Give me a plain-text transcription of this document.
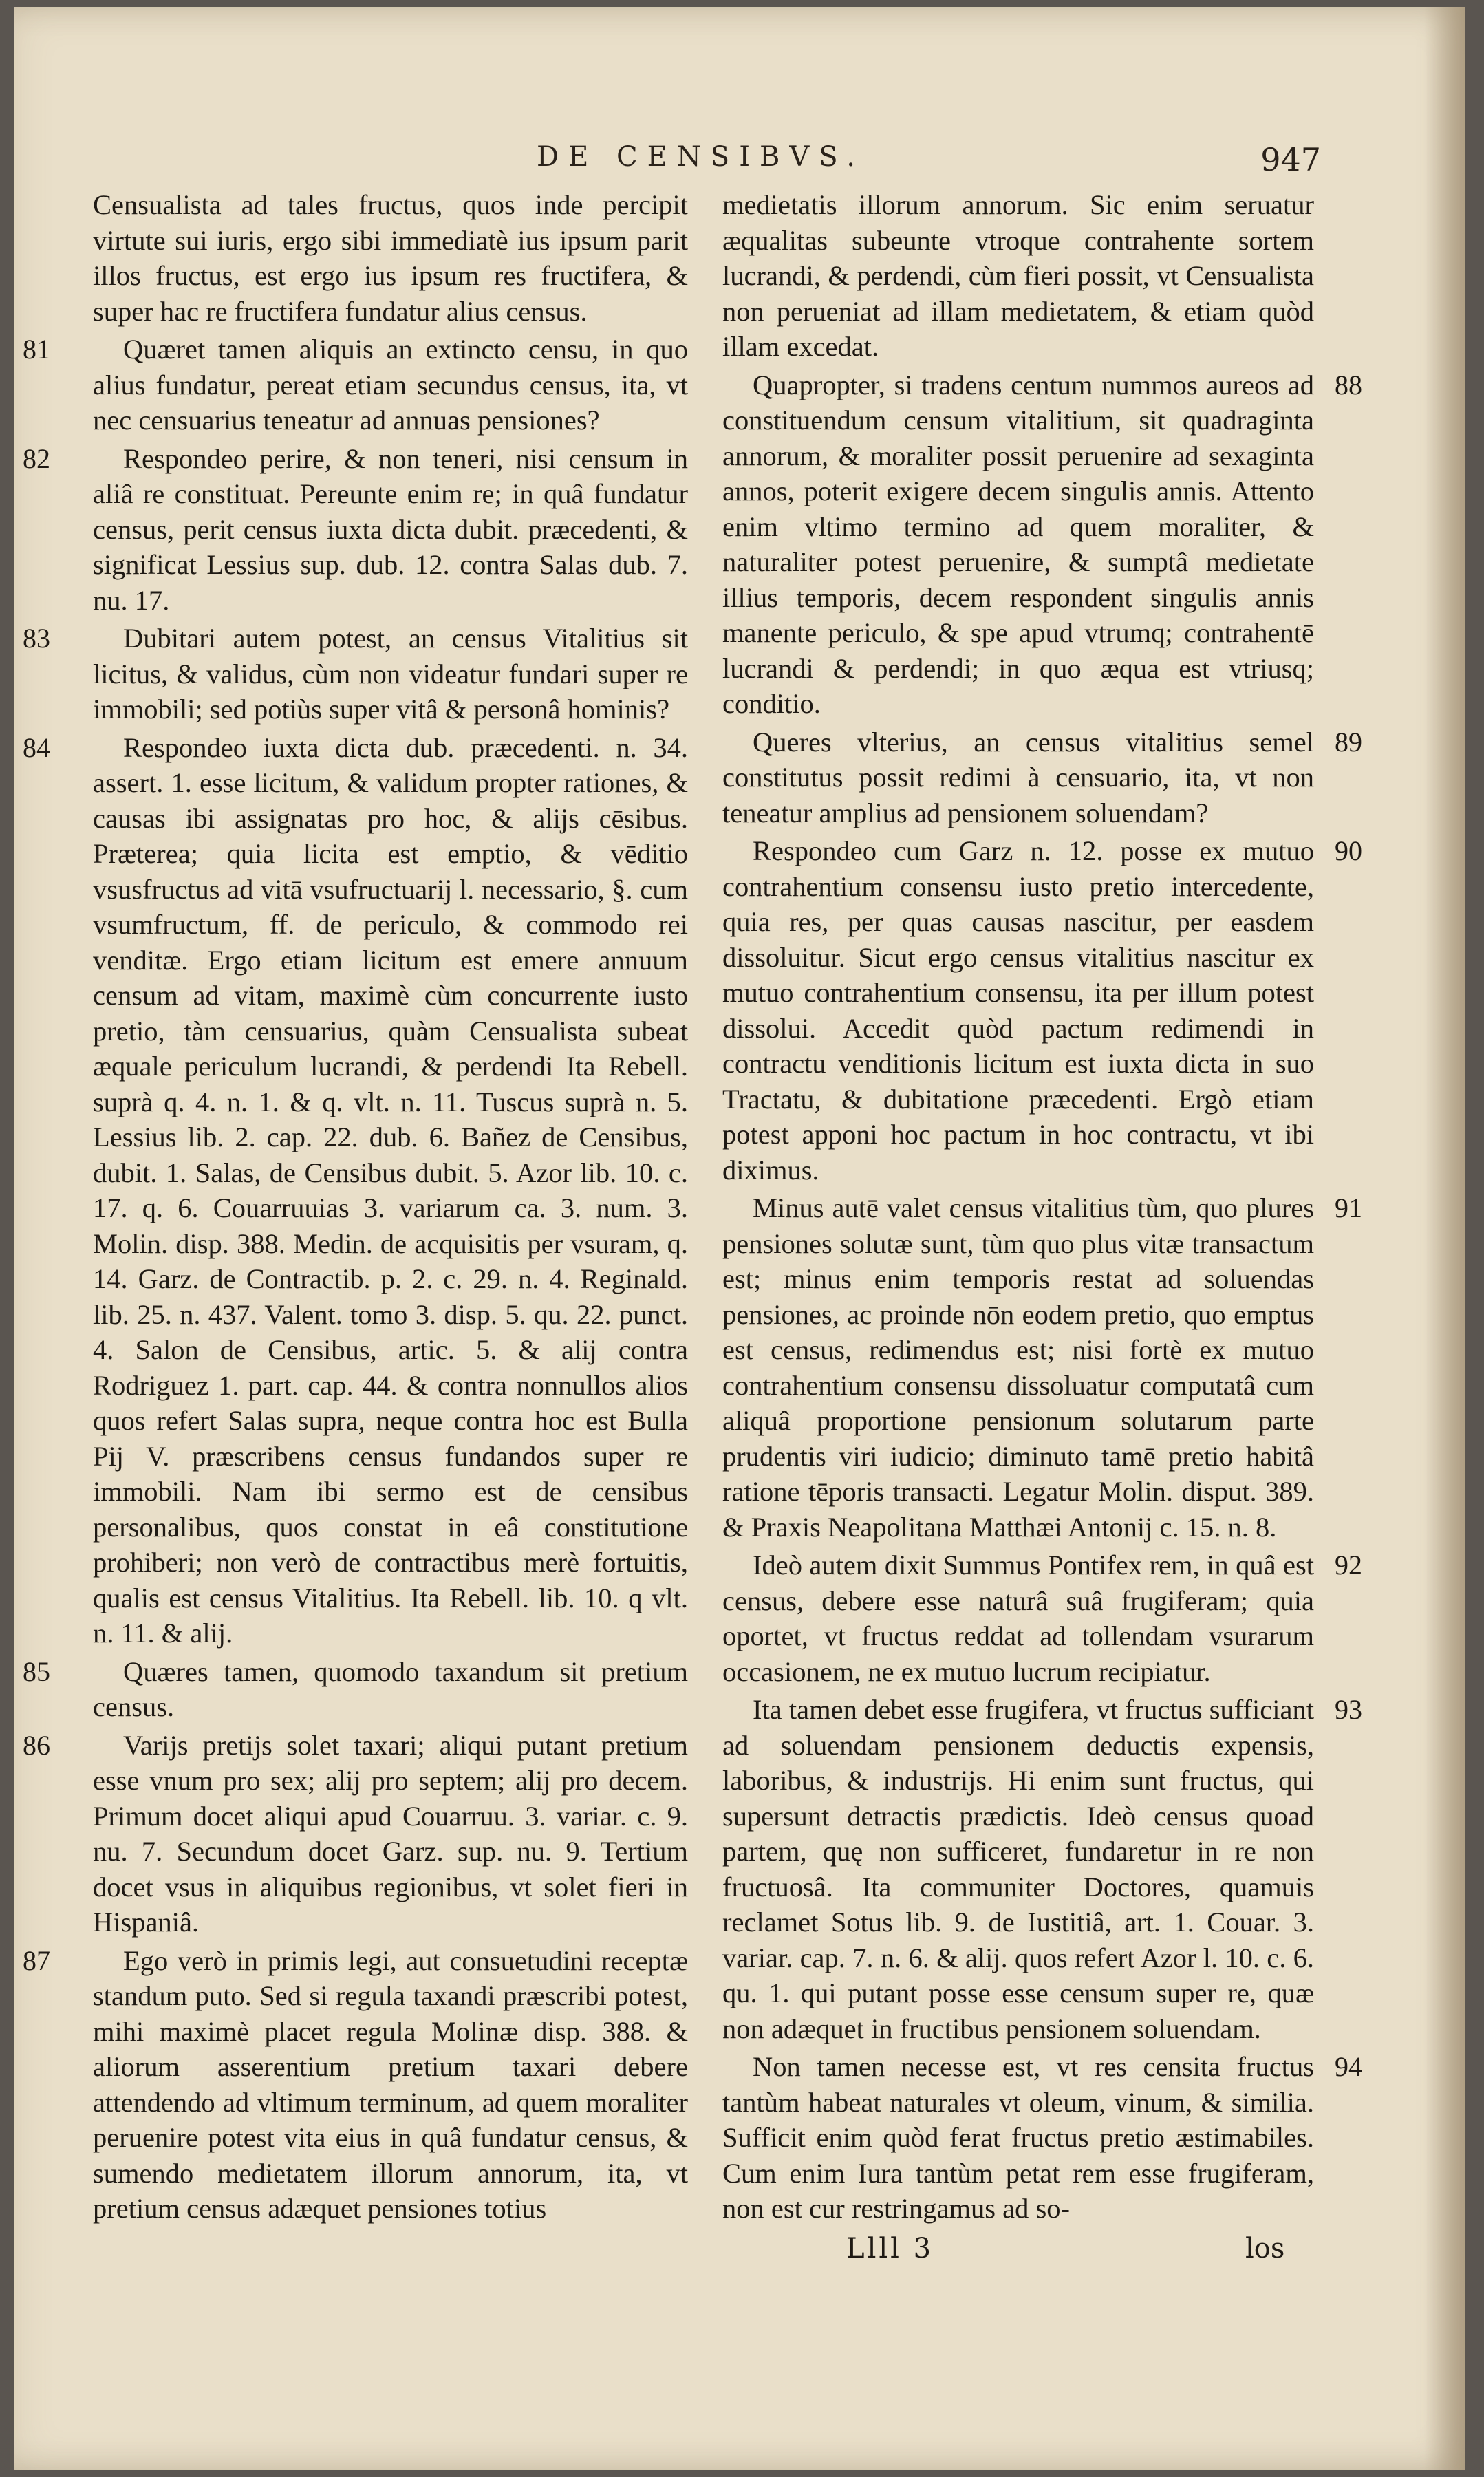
DE CENSIBVS.	947
Censualista ad tales fructus, quos inde percipit virtute sui iuris, ergo sibi immediatè ius ipsum parit illos fructus, est ergo ius ipsum res fructifera, & super hac re fructifera fundatur alius census.
81	Quæret tamen aliquis an extincto censu, in quo alius fundatur, pereat etiam secundus census, ita, vt nec censuarius teneatur ad annuas pensiones?
82	Respondeo perire, & non teneri, nisi censum in aliâ re constituat. Pereunte enim re; in quâ fundatur census, perit census iuxta dicta dubit. præcedenti, & significat Lessius sup. dub. 12. contra Salas dub. 7. nu. 17.
83	Dubitari autem potest, an census Vitalitius sit licitus, & validus, cùm non videatur fundari super re immobili; sed potiùs super vitâ & personâ hominis?
84	Respondeo iuxta dicta dub. præcedenti. n. 34. assert. 1. esse licitum, & validum propter rationes, & causas ibi assignatas pro hoc, & alijs cēsibus. Præterea; quia licita est emptio, & vēditio vsusfructus ad vitā vsufructuarij l. necessario, §. cum vsumfructum, ff. de periculo, & commodo rei venditæ. Ergo etiam licitum est emere annuum censum ad vitam, maximè cùm concurrente iusto pretio, tàm censuarius, quàm Censualista subeat æquale periculum lucrandi, & perdendi Ita Rebell. suprà q. 4. n. 1. & q. vlt. n. 11. Tuscus suprà n. 5. Lessius lib. 2. cap. 22. dub. 6. Bañez de Censibus, dubit. 1. Salas, de Censibus dubit. 5. Azor lib. 10. c. 17. q. 6. Couarruuias 3. variarum ca. 3. num. 3. Molin. disp. 388. Medin. de acquisitis per vsuram, q. 14. Garz. de Contractib. p. 2. c. 29. n. 4. Reginald. lib. 25. n. 437. Valent. tomo 3. disp. 5. qu. 22. punct. 4. Salon de Censibus, artic. 5. & alij contra Rodriguez 1. part. cap. 44. & contra nonnullos alios quos refert Salas supra, neque contra hoc est Bulla Pij V. præscribens census fundandos super re immobili. Nam ibi sermo est de censibus personalibus, quos constat in eâ constitutione prohiberi; non verò de contractibus merè fortuitis, qualis est census Vitalitius. Ita Rebell. lib. 10. q vlt. n. 11. & alij.
85	Quæres tamen, quomodo taxandum sit pretium census.
86	Varijs pretijs solet taxari; aliqui putant pretium esse vnum pro sex; alij pro septem; alij pro decem. Primum docet aliqui apud Couarruu. 3. variar. c. 9. nu. 7. Secundum docet Garz. sup. nu. 9. Tertium docet vsus in aliquibus regionibus, vt solet fieri in Hispaniâ.
87	Ego verò in primis legi, aut consuetudini receptæ standum puto. Sed si regula taxandi præscribi potest, mihi maximè placet regula Molinæ disp. 388. & aliorum asserentium pretium taxari debere attendendo ad vltimum terminum, ad quem moraliter peruenire potest vita eius in quâ fundatur census, & sumendo medietatem illorum annorum, ita, vt pretium census adæquet pensiones totius
medietatis illorum annorum. Sic enim seruatur æqualitas subeunte vtroque contrahente sortem lucrandi, & perdendi, cùm fieri possit, vt Censualista non perueniat ad illam medietatem, & etiam quòd illam excedat.
88
Quapropter, si tradens centum nummos aureos ad constituendum censum vitalitium, sit quadraginta annorum, & moraliter possit peruenire ad sexaginta annos, poterit exigere decem singulis annis. Attento enim vltimo termino ad quem moraliter, & naturaliter potest peruenire, & sumptâ medietate illius temporis, decem respondent singulis annis manente periculo, & spe apud vtrumq; contrahentē lucrandi & perdendi; in quo æqua est vtriusq; conditio.
89
Queres vlterius, an census vitalitius semel constitutus possit redimi à censuario, ita, vt non teneatur amplius ad pensionem soluendam?
90
Respondeo cum Garz n. 12. posse ex mutuo contrahentium consensu iusto pretio intercedente, quia res, per quas causas nascitur, per easdem dissoluitur. Sicut ergo census vitalitius nascitur ex mutuo contrahentium consensu, ita per illum potest dissolui. Accedit quòd pactum redimendi in contractu venditionis licitum est iuxta dicta in suo Tractatu, & dubitatione præcedenti. Ergò etiam potest apponi hoc pactum in hoc contractu, vt ibi diximus.
91
Minus autē valet census vitalitius tùm, quo plures pensiones solutæ sunt, tùm quo plus vitæ transactum est; minus enim temporis restat ad soluendas pensiones, ac proinde nōn eodem pretio, quo emptus est census, redimendus est; nisi fortè ex mutuo contrahentium consensu dissoluatur computatâ cum aliquâ proportione pensionum solutarum parte prudentis viri iudicio; diminuto tamē pretio habitâ ratione tēporis transacti. Legatur Molin. disput. 389. & Praxis Neapolitana Matthæi Antonij c. 15. n. 8.
92
Ideò autem dixit Summus Pontifex rem, in quâ est census, debere esse naturâ suâ frugiferam; quia oportet, vt fructus reddat ad tollendam vsurarum occasionem, ne ex mutuo lucrum recipiatur.
93
Ita tamen debet esse frugifera, vt fructus sufficiant ad soluendam pensionem deductis expensis, laboribus, & industrijs. Hi enim sunt fructus, qui supersunt detractis prædictis. Ideò census quoad partem, quę non sufficeret, fundaretur in re non fructuosâ. Ita communiter Doctores, quamuis reclamet Sotus lib. 9. de Iustitiâ, art. 1. Couar. 3. variar. cap. 7. n. 6. & alij. quos refert Azor l. 10. c. 6. qu. 1. qui putant posse esse censum super re, quæ non adæquet in fructibus pensionem soluendam.
94
Non tamen necesse est, vt res censita fructus tantùm habeat naturales vt oleum, vinum, & similia. Sufficit enim quòd ferat fructus pretio æstimabiles. Cum enim Iura tantùm petat rem esse frugiferam, non est cur restringamus ad so-
Llll 3	los
